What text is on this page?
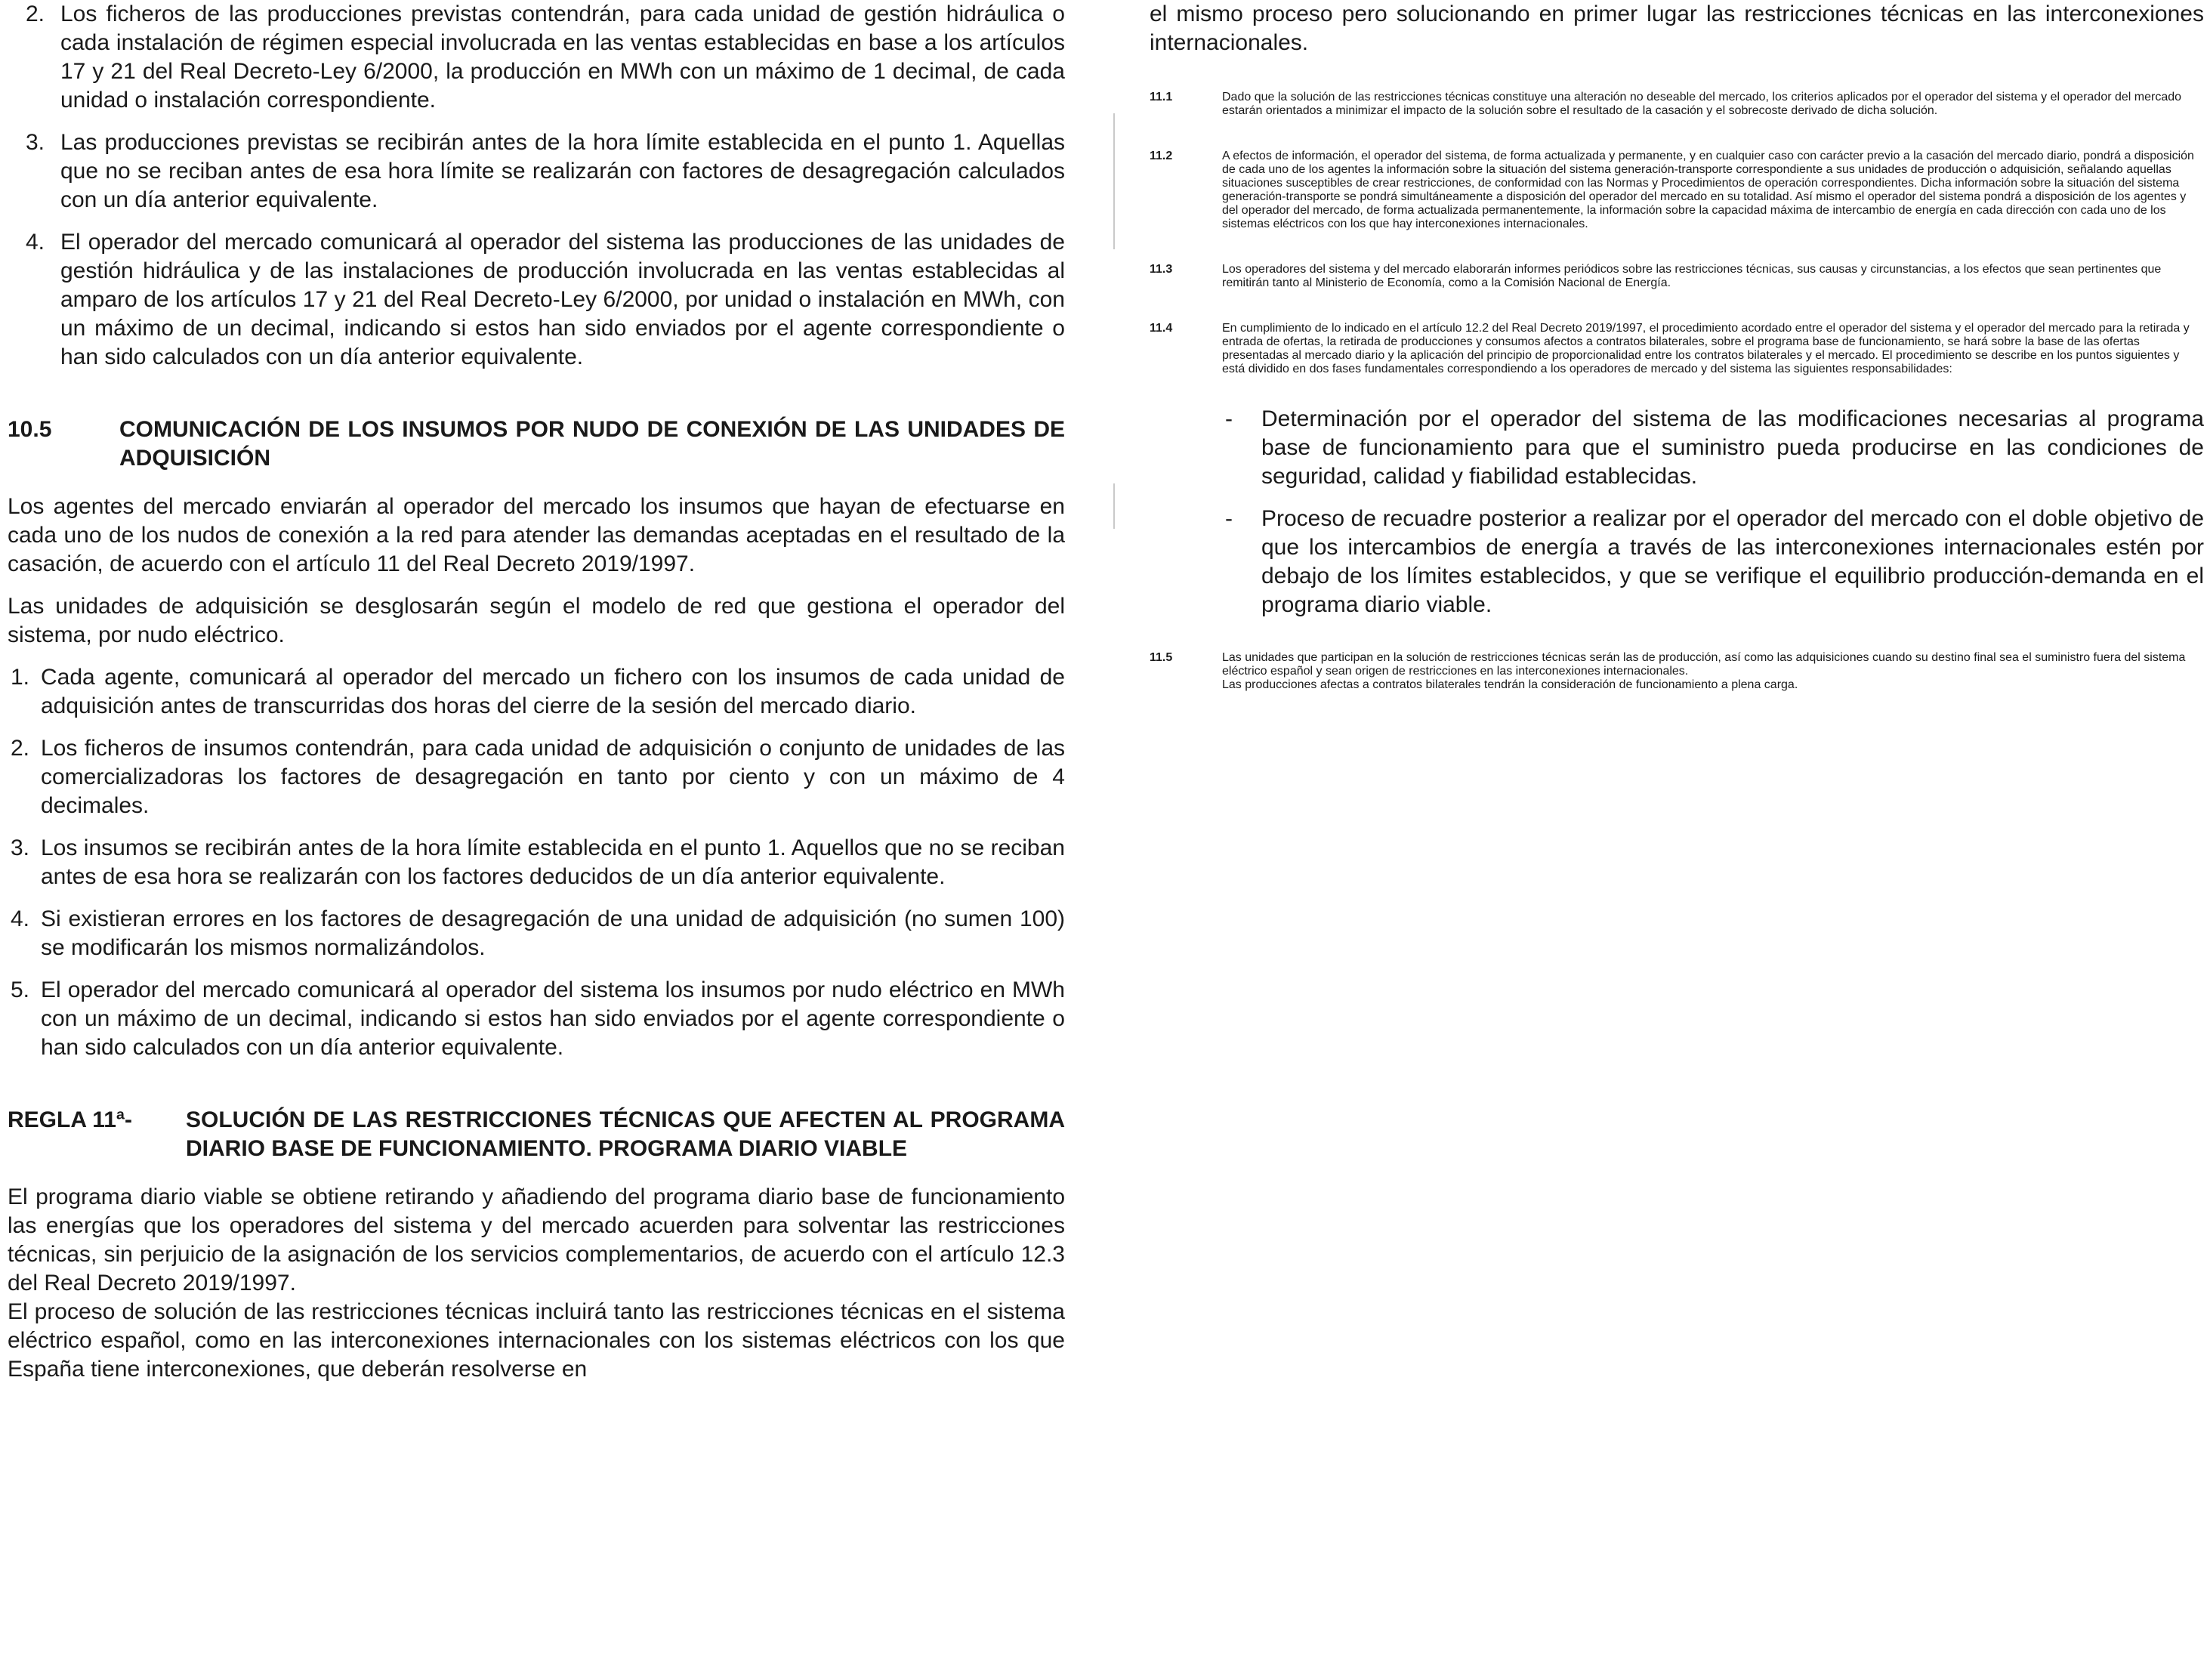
2. Los ficheros de las producciones previstas contendrán, para cada unidad de gestión hidráulica o cada instalación de régimen especial involucrada en las ventas establecidas en base a los artículos 17 y 21 del Real Decreto-Ley 6/2000, la producción en MWh con un máximo de 1 decimal, de cada unidad o instalación correspondiente.
3. Las producciones previstas se recibirán antes de la hora límite establecida en el punto 1. Aquellas que no se reciban antes de esa hora límite se realizarán con factores de desagregación calculados con un día anterior equivalente.
4. El operador del mercado comunicará al operador del sistema las producciones de las unidades de gestión hidráulica y de las instalaciones de producción involucrada en las ventas establecidas al amparo de los artículos 17 y 21 del Real Decreto-Ley 6/2000, por unidad o instalación en MWh, con un máximo de un decimal, indicando si estos han sido enviados por el agente correspondiente o han sido calculados con un día anterior equivalente.
10.5	COMUNICACIÓN DE LOS INSUMOS POR NUDO DE CONEXIÓN DE LAS UNIDADES DE ADQUISICIÓN

Los agentes del mercado enviarán al operador del mercado los insumos que hayan de efectuarse en cada uno de los nudos de conexión a la red para atender las demandas aceptadas en el resultado de la casación, de acuerdo con el artículo 11 del Real Decreto 2019/1997.

Las unidades de adquisición se desglosarán según el modelo de red que gestiona el operador del sistema, por nudo eléctrico.

1. Cada agente, comunicará al operador del mercado un fichero con los insumos de cada unidad de adquisición antes de transcurridas dos horas del cierre de la sesión del mercado diario.
2. Los ficheros de insumos contendrán, para cada unidad de adquisición o conjunto de unidades de las comercializadoras los factores de desagregación en tanto por ciento y con un máximo de 4 decimales.
3. Los insumos se recibirán antes de la hora límite establecida en el punto 1. Aquellos que no se reciban antes de esa hora se realizarán con los factores deducidos de un día anterior equivalente.
4. Si existieran errores en los factores de desagregación de una unidad de adquisición (no sumen 100) se modificarán los mismos normalizándolos.
5. El operador del mercado comunicará al operador del sistema los insumos por nudo eléctrico en MWh con un máximo de un decimal, indicando si estos han sido enviados por el agente correspondiente o han sido calculados con un día anterior equivalente.
REGLA 11ª- SOLUCIÓN DE LAS RESTRICCIONES TÉCNICAS QUE AFECTEN AL PROGRAMA DIARIO BASE DE FUNCIONAMIENTO. PROGRAMA DIARIO VIABLE

El programa diario viable se obtiene retirando y añadiendo del programa diario base de funcionamiento las energías que los operadores del sistema y del mercado acuerden para solventar las restricciones técnicas, sin perjuicio de la asignación de los servicios complementarios, de acuerdo con el artículo 12.3 del Real Decreto 2019/1997.

El proceso de solución de las restricciones técnicas incluirá tanto las restricciones técnicas en el sistema eléctrico español, como en las interconexiones internacionales con los sistemas eléctricos con los que España tiene interconexiones, que deberán resolverse en

el mismo proceso pero solucionando en primer lugar las restricciones técnicas en las interconexiones internacionales.

11.1	Dado que la solución de las restricciones técnicas constituye una alteración no deseable del mercado, los criterios aplicados por el operador del sistema y el operador del mercado estarán orientados a minimizar el impacto de la solución sobre el resultado de la casación y el sobrecoste derivado de dicha solución.
11.2	A efectos de información, el operador del sistema, de forma actualizada y permanente, y en cualquier caso con carácter previo a la casación del mercado diario, pondrá a disposición de cada uno de los agentes la información sobre la situación del sistema generación-transporte correspondiente a sus unidades de producción o adquisición, señalando aquellas situaciones susceptibles de crear restricciones, de conformidad con las Normas y Procedimientos de operación correspondientes. Dicha información sobre la situación del sistema generación-transporte se pondrá simultáneamente a disposición del operador del mercado en su totalidad. Así mismo el operador del sistema pondrá a disposición de los agentes y del operador del mercado, de forma actualizada permanentemente, la información sobre la capacidad máxima de intercambio de energía en cada dirección con cada uno de los sistemas eléctricos con los que hay interconexiones internacionales.
11.3	Los operadores del sistema y del mercado elaborarán informes periódicos sobre las restricciones técnicas, sus causas y circunstancias, a los efectos que sean pertinentes que remitirán tanto al Ministerio de Economía, como a la Comisión Nacional de Energía.
11.4	En cumplimiento de lo indicado en el artículo 12.2 del Real Decreto 2019/1997, el procedimiento acordado entre el operador del sistema y el operador del mercado para la retirada y entrada de ofertas, la retirada de producciones y consumos afectos a contratos bilaterales, sobre el programa base de funcionamiento, se hará sobre la base de las ofertas presentadas al mercado diario y la aplicación del principio de proporcionalidad entre los contratos bilaterales y el mercado. El procedimiento se describe en los puntos siguientes y está dividido en dos fases fundamentales correspondiendo a los operadores de mercado y del sistema las siguientes responsabilidades:
- Determinación por el operador del sistema de las modificaciones necesarias al programa base de funcionamiento para que el suministro pueda producirse en las condiciones de seguridad, calidad y fiabilidad establecidas.
- Proceso de recuadre posterior a realizar por el operador del mercado con el doble objetivo de que los intercambios de energía a través de las interconexiones internacionales estén por debajo de los límites establecidos, y que se verifique el equilibrio producción-demanda en el programa diario viable.
11.5	Las unidades que participan en la solución de restricciones técnicas serán las de producción, así como las adquisiciones cuando su destino final sea el suministro fuera del sistema eléctrico español y sean origen de restricciones en las interconexiones internacionales.
Las producciones afectas a contratos bilaterales tendrán la consideración de funcionamiento a plena carga.
